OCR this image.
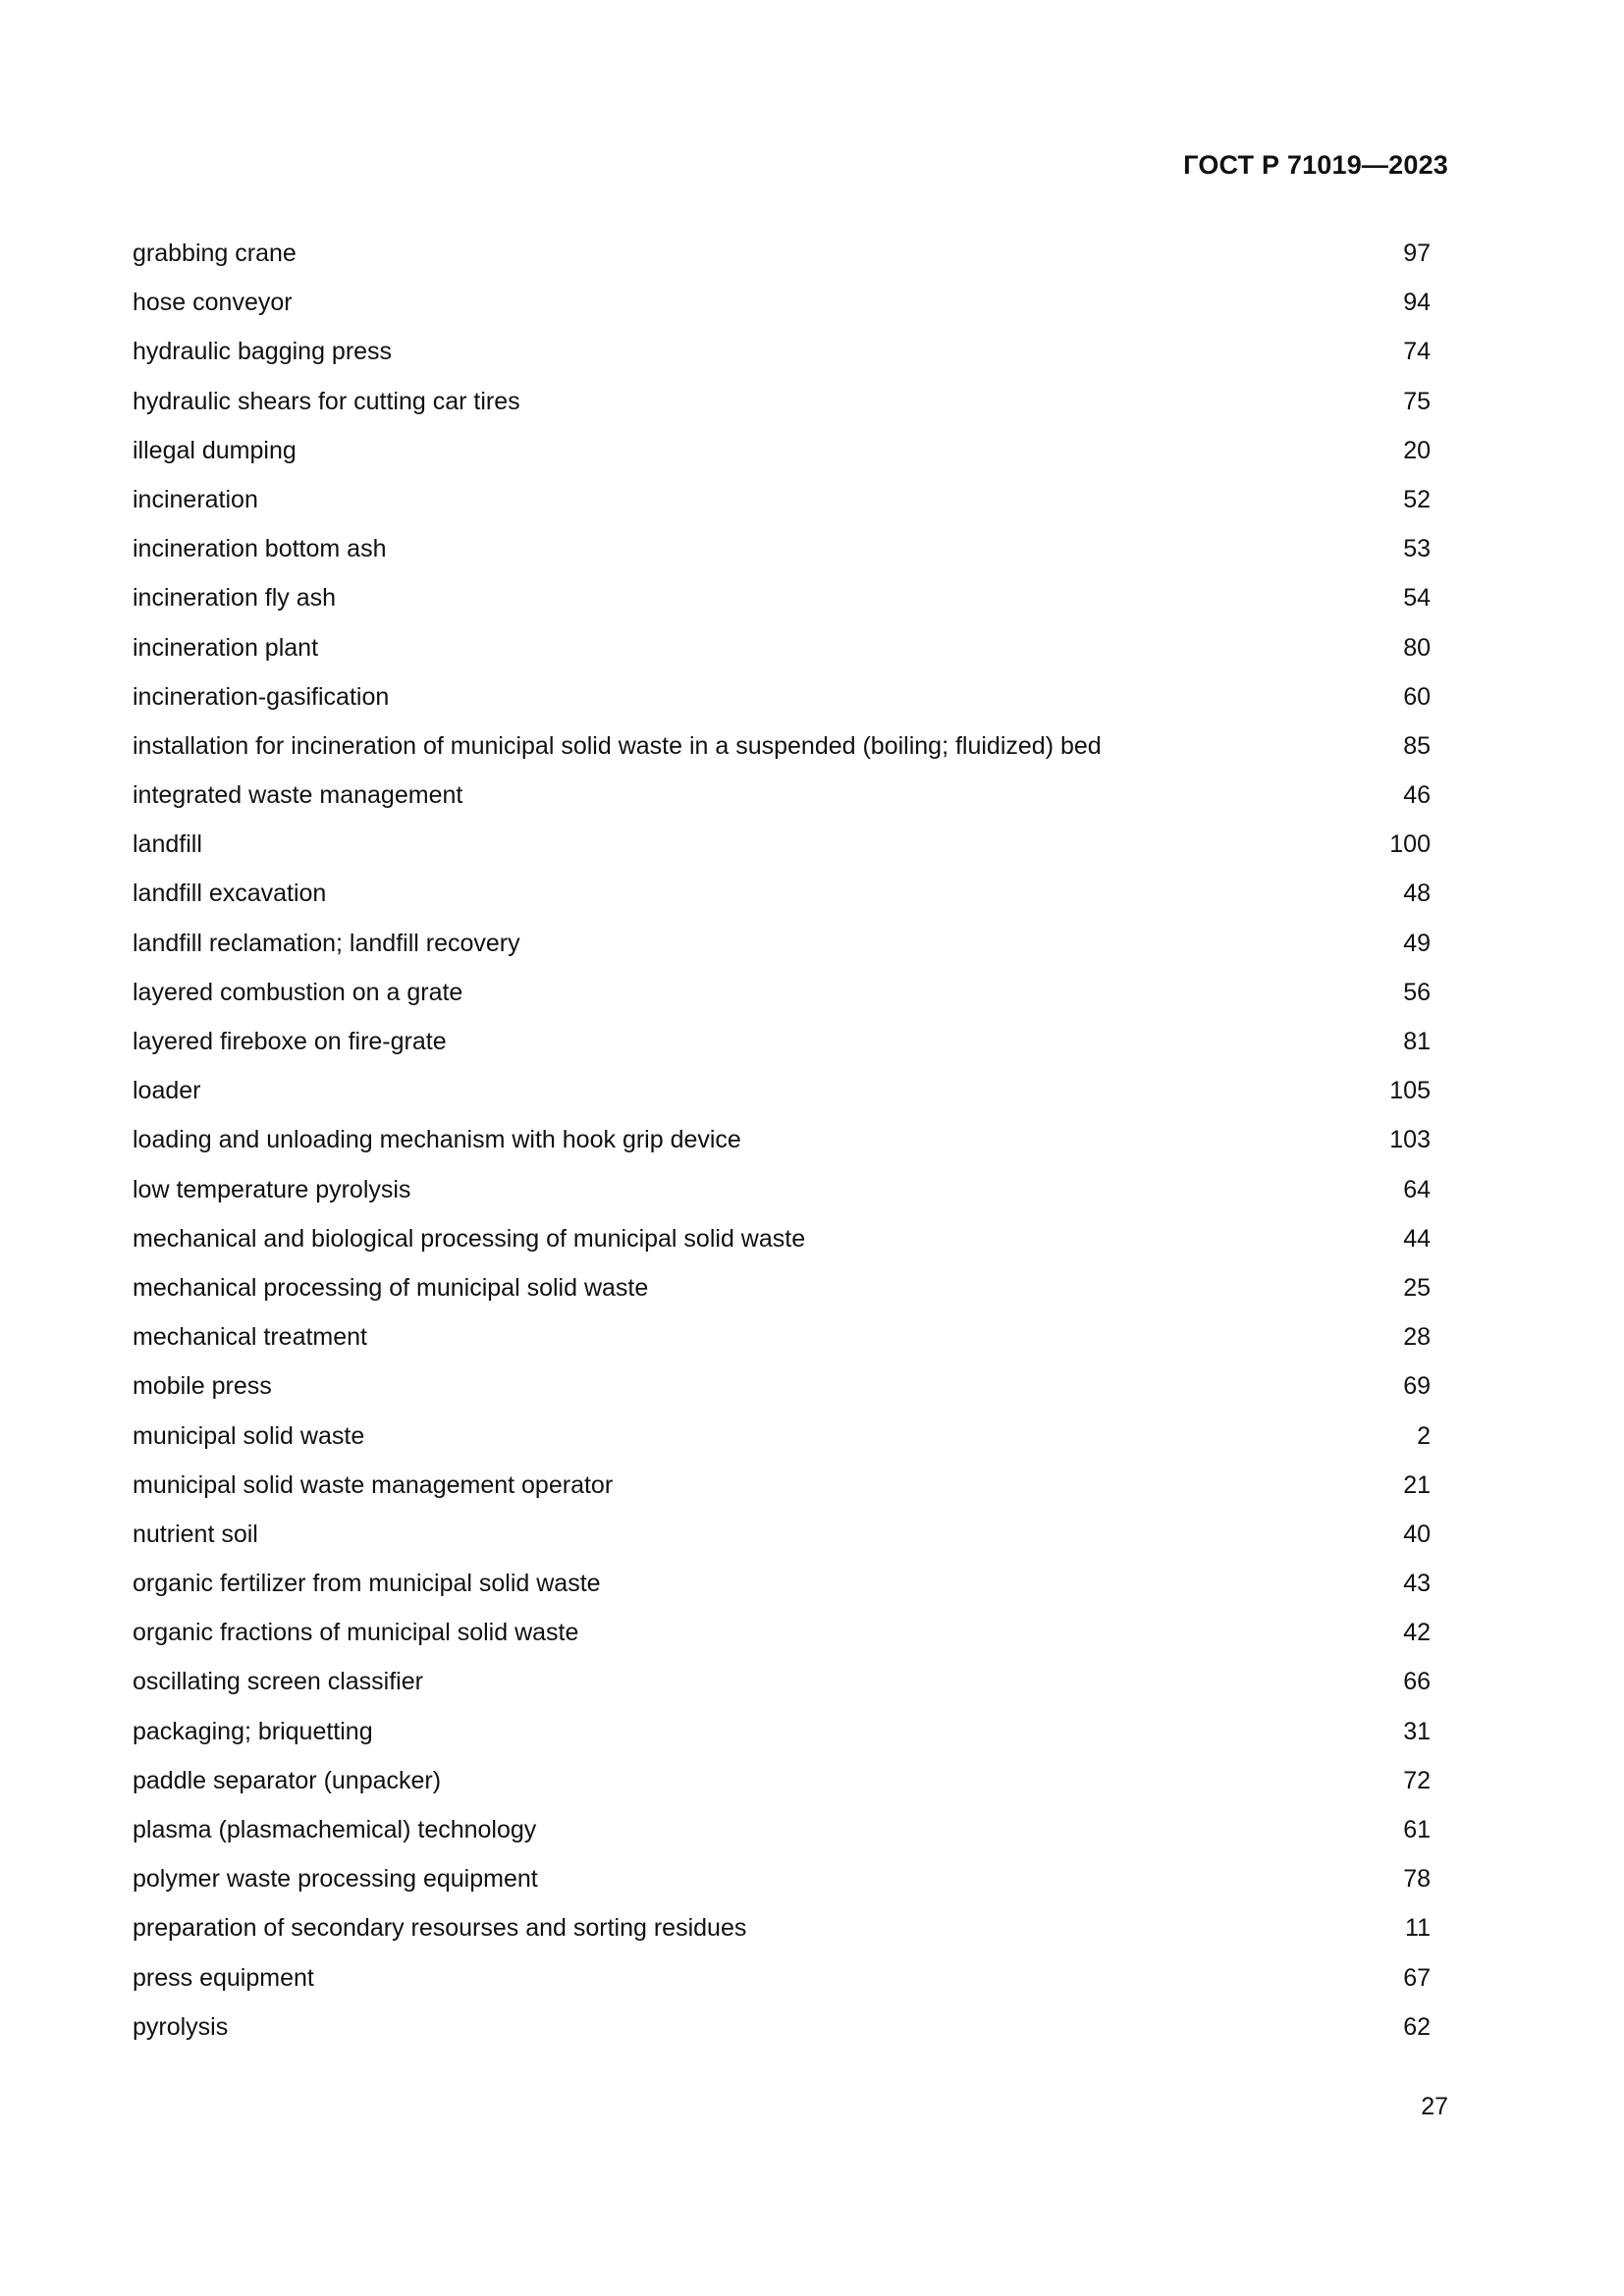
ГОСТ Р 71019—2023
grabbing crane	97
hose conveyor	94
hydraulic bagging press	74
hydraulic shears for cutting car tires	75
illegal dumping	20
incineration	52
incineration bottom ash	53
incineration fly ash	54
incineration plant	80
incineration-gasification	60
installation for incineration of municipal solid waste in a suspended (boiling; fluidized) bed	85
integrated waste management	46
landfill	100
landfill excavation	48
landfill reclamation; landfill recovery	49
layered combustion on a grate	56
layered fireboxe on fire-grate	81
loader	105
loading and unloading mechanism with hook grip device	103
low temperature pyrolysis	64
mechanical and biological processing of municipal solid waste	44
mechanical processing of municipal solid waste	25
mechanical treatment	28
mobile press	69
municipal solid waste	2
municipal solid waste management operator	21
nutrient soil	40
organic fertilizer from municipal solid waste	43
organic fractions of municipal solid waste	42
oscillating screen classifier	66
packaging; briquetting	31
paddle separator (unpacker)	72
plasma (plasmachemical) technology	61
polymer waste processing equipment	78
preparation of secondary resourses and sorting residues	11
press equipment	67
pyrolysis	62
27
